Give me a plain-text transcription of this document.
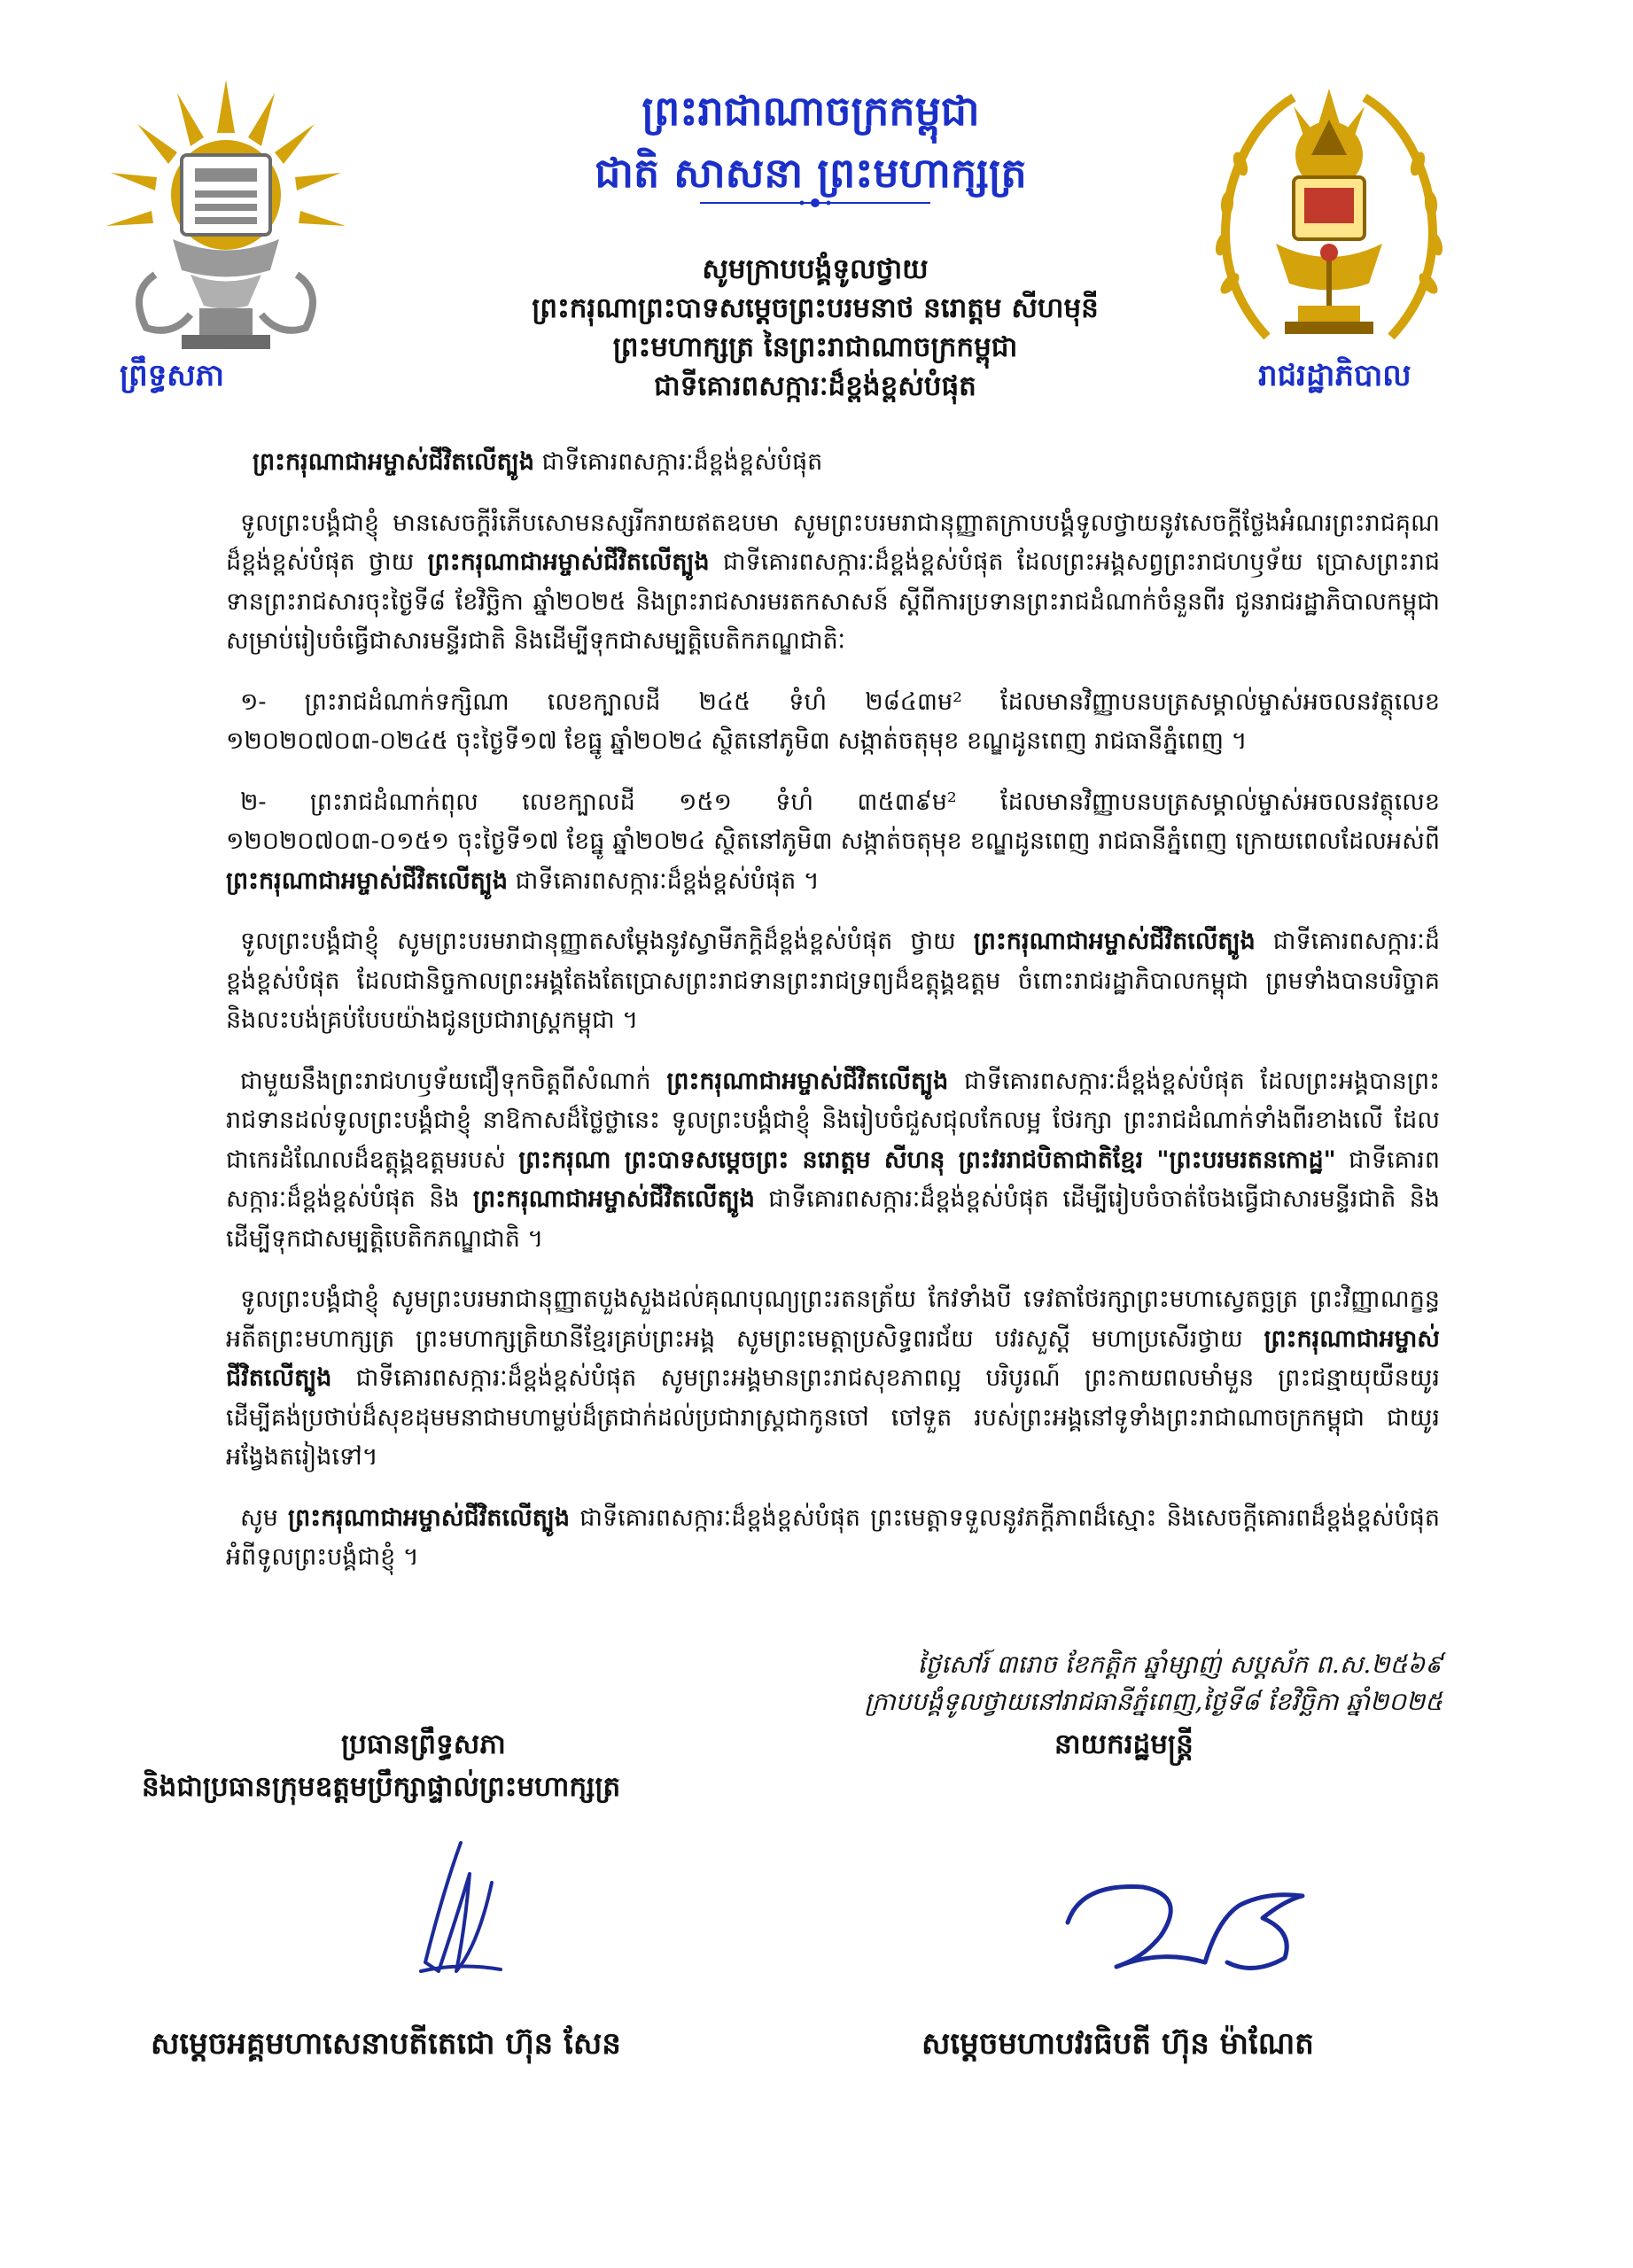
ព្រឹទ្ធសភា
ព្រះរាជាណាចក្រកម្ពុជា
ជាតិ សាសនា ព្រះមហាក្សត្រ
រាជរដ្ឋាភិបាល
សូមក្រាបបង្គំទូលថ្វាយ
ព្រះករុណាព្រះបាទសម្តេចព្រះបរមនាថ នរោត្តម សីហមុនី
ព្រះមហាក្សត្រ នៃព្រះរាជាណាចក្រកម្ពុជា
ជាទីគោរពសក្ការៈដ៏ខ្ពង់ខ្ពស់បំផុត

ព្រះករុណាជាអម្ចាស់ជីវិតលើត្បូង ជាទីគោរពសក្ការៈដ៏ខ្ពង់ខ្ពស់បំផុត

ទូលព្រះបង្គំជាខ្ញុំ មានសេចក្តីរំភើបសោមនស្សរីករាយឥតឧបមា សូមព្រះបរមរាជានុញ្ញាតក្រាបបង្គំទូលថ្វាយនូវសេចក្តីថ្លែងអំណរព្រះរាជគុណដ៏ខ្ពង់ខ្ពស់បំផុត ថ្វាយ ព្រះករុណាជាអម្ចាស់ជីវិតលើត្បូង ជាទីគោរពសក្ការៈដ៏ខ្ពង់ខ្ពស់បំផុត ដែលព្រះអង្គសព្វព្រះរាជហឫទ័យ ប្រោសព្រះរាជទានព្រះរាជសារចុះថ្ងៃទី៨ ខែវិច្ឆិកា ឆ្នាំ២០២៥ និងព្រះរាជសារមរតកសាសន៍ ស្តីពីការប្រទានព្រះរាជដំណាក់ចំនួនពីរ ជូនរាជរដ្ឋាភិបាលកម្ពុជា សម្រាប់រៀបចំធ្វើជាសារមន្ទីរជាតិ និងដើម្បីទុកជាសម្បត្តិបេតិកភណ្ឌជាតិៈ

១- ព្រះរាជដំណាក់ទក្សិណា លេខក្បាលដី ២៤៥ ទំហំ ២៨៤៣ម² ដែលមានវិញ្ញាបនបត្រសម្គាល់ម្ចាស់អចលនវត្ថុលេខ ១២០២០៧០៣-០២៤៥ ចុះថ្ងៃទី១៧ ខែធ្នូ ឆ្នាំ២០២៤ ស្ថិតនៅភូមិ៣ សង្កាត់ចតុមុខ ខណ្ឌដូនពេញ រាជធានីភ្នំពេញ ។

២- ព្រះរាជដំណាក់ពុល លេខក្បាលដី ១៥១ ទំហំ ៣៥៣៩ម² ដែលមានវិញ្ញាបនបត្រសម្គាល់ម្ចាស់អចលនវត្ថុលេខ ១២០២០៧០៣-០១៥១ ចុះថ្ងៃទី១៧ ខែធ្នូ ឆ្នាំ២០២៤ ស្ថិតនៅភូមិ៣ សង្កាត់ចតុមុខ ខណ្ឌដូនពេញ រាជធានីភ្នំពេញ ក្រោយពេលដែលអស់ពី ព្រះករុណាជាអម្ចាស់ជីវិតលើត្បូង ជាទីគោរពសក្ការៈដ៏ខ្ពង់ខ្ពស់បំផុត ។

ទូលព្រះបង្គំជាខ្ញុំ សូមព្រះបរមរាជានុញ្ញាតសម្តែងនូវស្វាមីភក្តិដ៏ខ្ពង់ខ្ពស់បំផុត ថ្វាយ ព្រះករុណាជាអម្ចាស់ជីវិតលើត្បូង ជាទីគោរពសក្ការៈដ៏ខ្ពង់ខ្ពស់បំផុត ដែលជានិច្ចកាលព្រះអង្គតែងតែប្រោសព្រះរាជទានព្រះរាជទ្រព្យដ៏ឧត្តុង្គឧត្តម ចំពោះរាជរដ្ឋាភិបាលកម្ពុជា ព្រមទាំងបានបរិច្ចាគ និងលះបង់គ្រប់បែបយ៉ាងជូនប្រជារាស្ត្រកម្ពុជា ។

ជាមួយនឹងព្រះរាជហឫទ័យជឿទុកចិត្តពីសំណាក់ ព្រះករុណាជាអម្ចាស់ជីវិតលើត្បូង ជាទីគោរពសក្ការៈដ៏ខ្ពង់ខ្ពស់បំផុត ដែលព្រះអង្គបានព្រះរាជទានដល់ទូលព្រះបង្គំជាខ្ញុំ នាឱកាសដ៏ថ្លៃថ្លានេះ ទូលព្រះបង្គំជាខ្ញុំ និងរៀបចំជួសជុលកែលម្អ ថែរក្សា ព្រះរាជដំណាក់ទាំងពីរខាងលើ ដែលជាកេរដំណែលដ៏ឧត្តុង្គឧត្តមរបស់ ព្រះករុណា ព្រះបាទសម្តេចព្រះ នរោត្តម សីហនុ ព្រះវររាជបិតាជាតិខ្មែរ "ព្រះបរមរតនកោដ្ឋ" ជាទីគោរពសក្ការៈដ៏ខ្ពង់ខ្ពស់បំផុត និង ព្រះករុណាជាអម្ចាស់ជីវិតលើត្បូង ជាទីគោរពសក្ការៈដ៏ខ្ពង់ខ្ពស់បំផុត ដើម្បីរៀបចំចាត់ចែងធ្វើជាសារមន្ទីរជាតិ និងដើម្បីទុកជាសម្បត្តិបេតិកភណ្ឌជាតិ ។

ទូលព្រះបង្គំជាខ្ញុំ សូមព្រះបរមរាជានុញ្ញាតបួងសួងដល់គុណបុណ្យព្រះរតនត្រ័យ កែវទាំងបី ទេវតាថែរក្សាព្រះមហាស្វេតច្ឆត្រ ព្រះវិញ្ញាណក្ខន្ធអតីតព្រះមហាក្សត្រ ព្រះមហាក្សត្រិយានីខ្មែរគ្រប់ព្រះអង្គ សូមព្រះមេត្តាប្រសិទ្ធពរជ័យ បវរសួស្តី មហាប្រសើរថ្វាយ ព្រះករុណាជាអម្ចាស់ជីវិតលើត្បូង ជាទីគោរពសក្ការៈដ៏ខ្ពង់ខ្ពស់បំផុត សូមព្រះអង្គមានព្រះរាជសុខភាពល្អ បរិបូរណ៍ ព្រះកាយពលមាំមួន ព្រះជន្មាយុយឺនយូរ ដើម្បីគង់ប្រថាប់ដ៏សុខដុមមនាជាមហាម្លប់ដ៏ត្រជាក់ដល់ប្រជារាស្ត្រជាកូនចៅ ចៅទួត របស់ព្រះអង្គនៅទូទាំងព្រះរាជាណាចក្រកម្ពុជា ជាយូរអង្វែងតរៀងទៅ។

សូម ព្រះករុណាជាអម្ចាស់ជីវិតលើត្បូង ជាទីគោរពសក្ការៈដ៏ខ្ពង់ខ្ពស់បំផុត ព្រះមេត្តាទទួលនូវភក្តីភាពដ៏ស្មោះ និងសេចក្តីគោរពដ៏ខ្ពង់ខ្ពស់បំផុត អំពីទូលព្រះបង្គំជាខ្ញុំ ។

ថ្ងៃសៅរ៍ ៣រោច ខែកត្តិក ឆ្នាំម្សាញ់ សប្តស័ក ព.ស.២៥៦៩
ក្រាបបង្គំទូលថ្វាយនៅរាជធានីភ្នំពេញ,ថ្ងៃទី៨ ខែវិច្ឆិកា ឆ្នាំ២០២៥
ប្រធានព្រឹទ្ធសភា
និងជាប្រធានក្រុមឧត្តមប្រឹក្សាផ្ទាល់ព្រះមហាក្សត្រ
នាយករដ្ឋមន្ត្រី
សម្តេចអគ្គមហាសេនាបតីតេជោ ហ៊ុន សែន	សម្តេចមហាបវរធិបតី ហ៊ុន ម៉ាណែត
